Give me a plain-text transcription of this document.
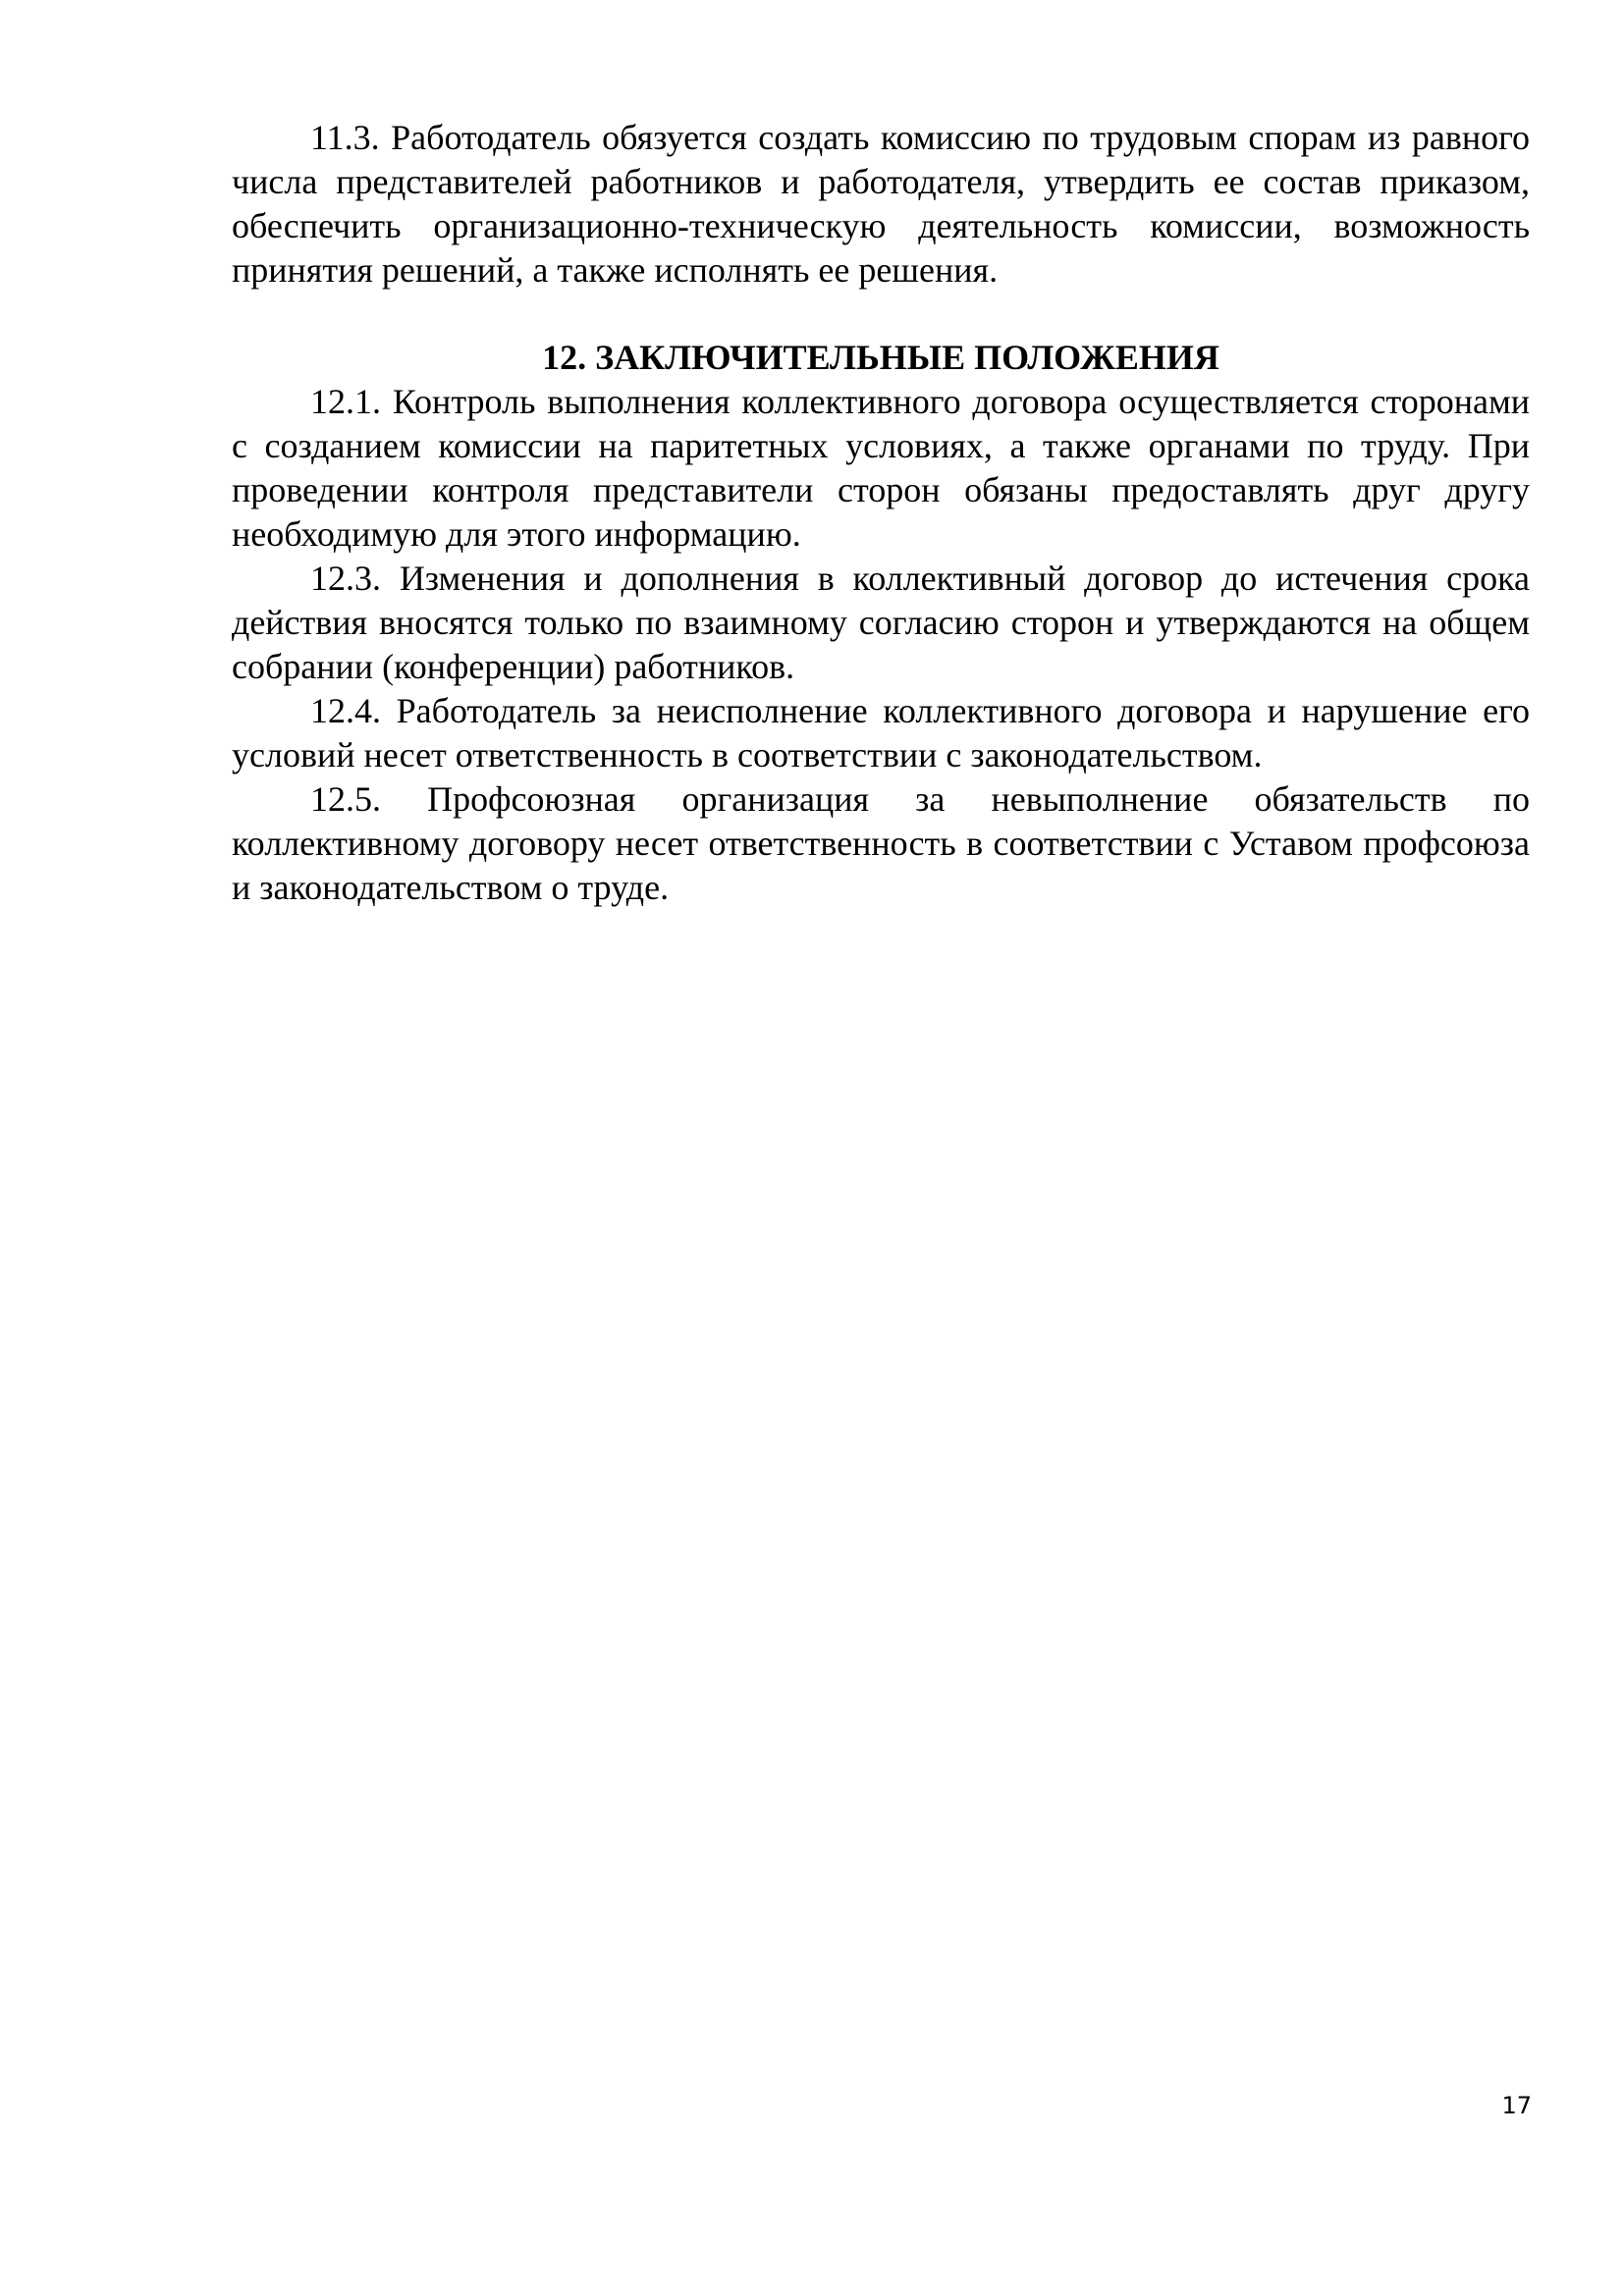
11.3. Работодатель обязуется создать комиссию по трудовым спорам из равного числа представителей работников и работодателя, утвердить ее состав приказом, обеспечить организационно-техническую деятельность комиссии, возможность принятия решений, а также исполнять ее решения.

12. ЗАКЛЮЧИТЕЛЬНЫЕ ПОЛОЖЕНИЯ

12.1. Контроль выполнения коллективного договора осуществляется сторонами с созданием комиссии на паритетных условиях, а также органами по труду. При проведении контроля представители сторон обязаны предоставлять друг другу необходимую для этого информацию.

12.3. Изменения и дополнения в коллективный договор до истечения срока действия вносятся только по взаимному согласию сторон и утверждаются на общем собрании (конференции) работников.

12.4. Работодатель за неисполнение коллективного договора и нарушение его условий несет ответственность в соответствии с законодательством.

12.5. Профсоюзная организация за невыполнение обязательств по коллективному договору несет ответственность в соответствии с Уставом профсоюза и законодательством о труде.

17
